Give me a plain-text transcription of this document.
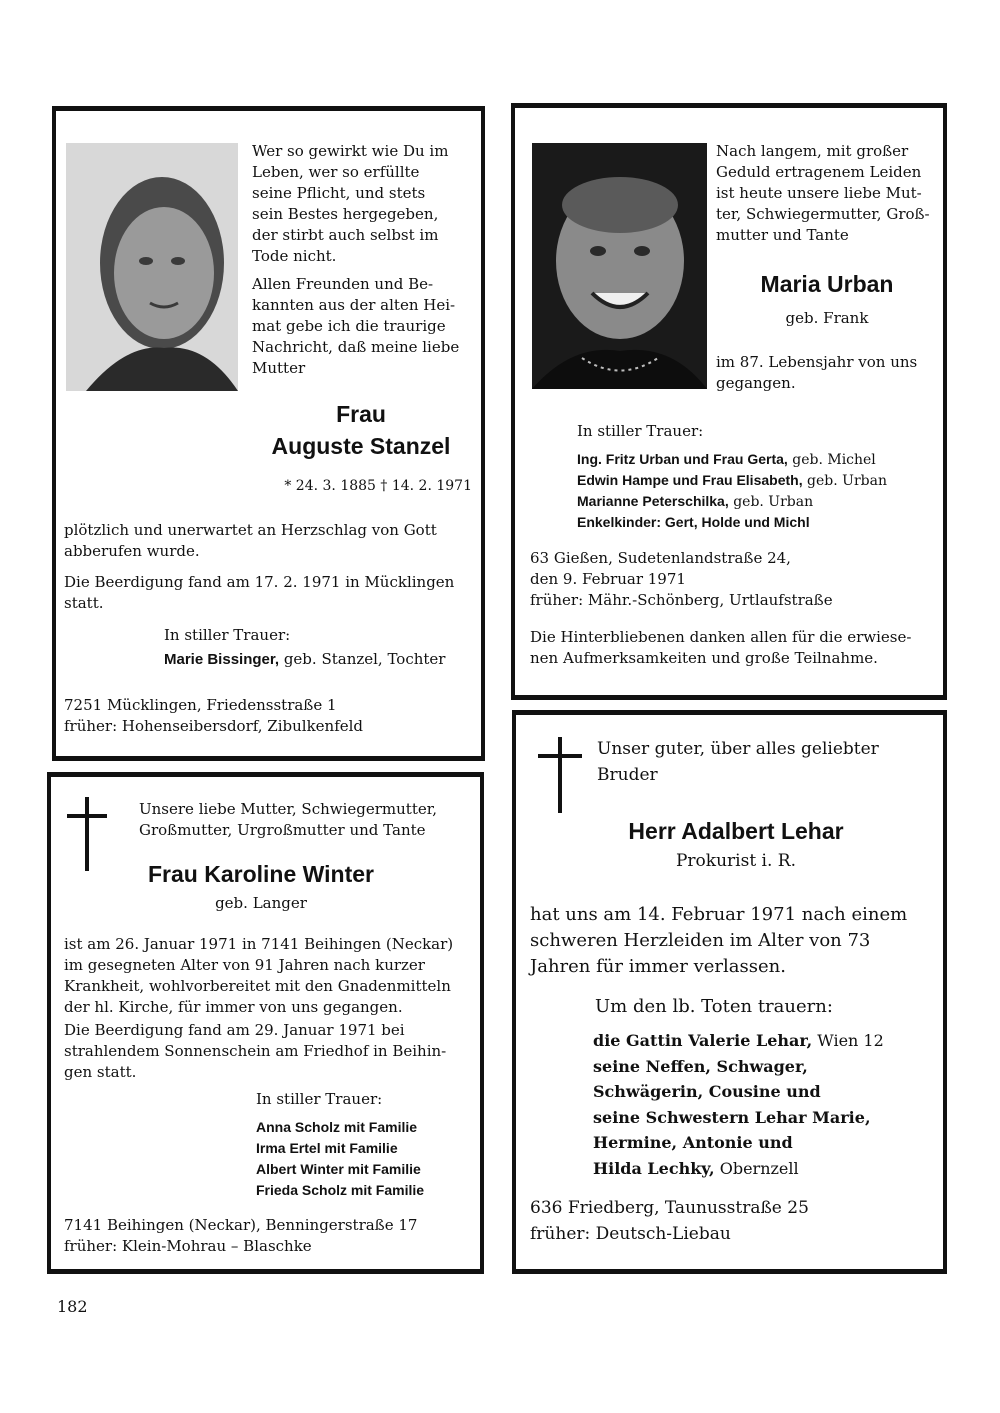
Wer so gewirkt wie Du im
Leben, wer so erfüllte
seine Pflicht, und stets
sein Bestes hergegeben,
der stirbt auch selbst im
Tode nicht.
Allen Freunden und Be-
kannten aus der alten Hei-
mat gebe ich die traurige
Nachricht, daß meine liebe
Mutter
Frau
Auguste Stanzel
* 24. 3. 1885 † 14. 2. 1971
plötzlich und unerwartet an Herzschlag von Gott
abberufen wurde.
Die Beerdigung fand am 17. 2. 1971 in Mücklingen
statt.
In stiller Trauer:
Marie Bissinger, geb. Stanzel, Tochter
7251 Mücklingen, Friedensstraße 1
früher: Hohenseibersdorf, Zibulkenfeld
Nach langem, mit großer
Geduld ertragenem Leiden
ist heute unsere liebe Mut-
ter, Schwiegermutter, Groß-
mutter und Tante
Maria Urban
geb. Frank
im 87. Lebensjahr von uns
gegangen.
In stiller Trauer:
Ing. Fritz Urban und Frau Gerta, geb. Michel
Edwin Hampe und Frau Elisabeth, geb. Urban
Marianne Peterschilka, geb. Urban
Enkelkinder: Gert, Holde und Michl
63 Gießen, Sudetenlandstraße 24,
den 9. Februar 1971
früher: Mähr.-Schönberg, Urtlaufstraße
Die Hinterbliebenen danken allen für die erwiese-
nen Aufmerksamkeiten und große Teilnahme.
Unsere liebe Mutter, Schwiegermutter,
Großmutter, Urgroßmutter und Tante
Frau Karoline Winter
geb. Langer
ist am 26. Januar 1971 in 7141 Beihingen (Neckar)
im gesegneten Alter von 91 Jahren nach kurzer
Krankheit, wohlvorbereitet mit den Gnadenmitteln
der hl. Kirche, für immer von uns gegangen.
Die Beerdigung fand am 29. Januar 1971 bei
strahlendem Sonnenschein am Friedhof in Beihin-
gen statt.
In stiller Trauer:
Anna Scholz mit Familie
Irma Ertel mit Familie
Albert Winter mit Familie
Frieda Scholz mit Familie
7141 Beihingen (Neckar), Benningerstraße 17
früher: Klein-Mohrau – Blaschke
Unser guter, über alles geliebter
Bruder
Herr Adalbert Lehar
Prokurist i. R.
hat uns am 14. Februar 1971 nach einem
schweren Herzleiden im Alter von 73
Jahren für immer verlassen.
Um den lb. Toten trauern:
die Gattin Valerie Lehar, Wien 12
seine Neffen, Schwager,
Schwägerin, Cousine und
seine Schwestern Lehar Marie,
Hermine, Antonie und
Hilda Lechky, Obernzell
636 Friedberg, Taunusstraße 25
früher: Deutsch-Liebau
182
